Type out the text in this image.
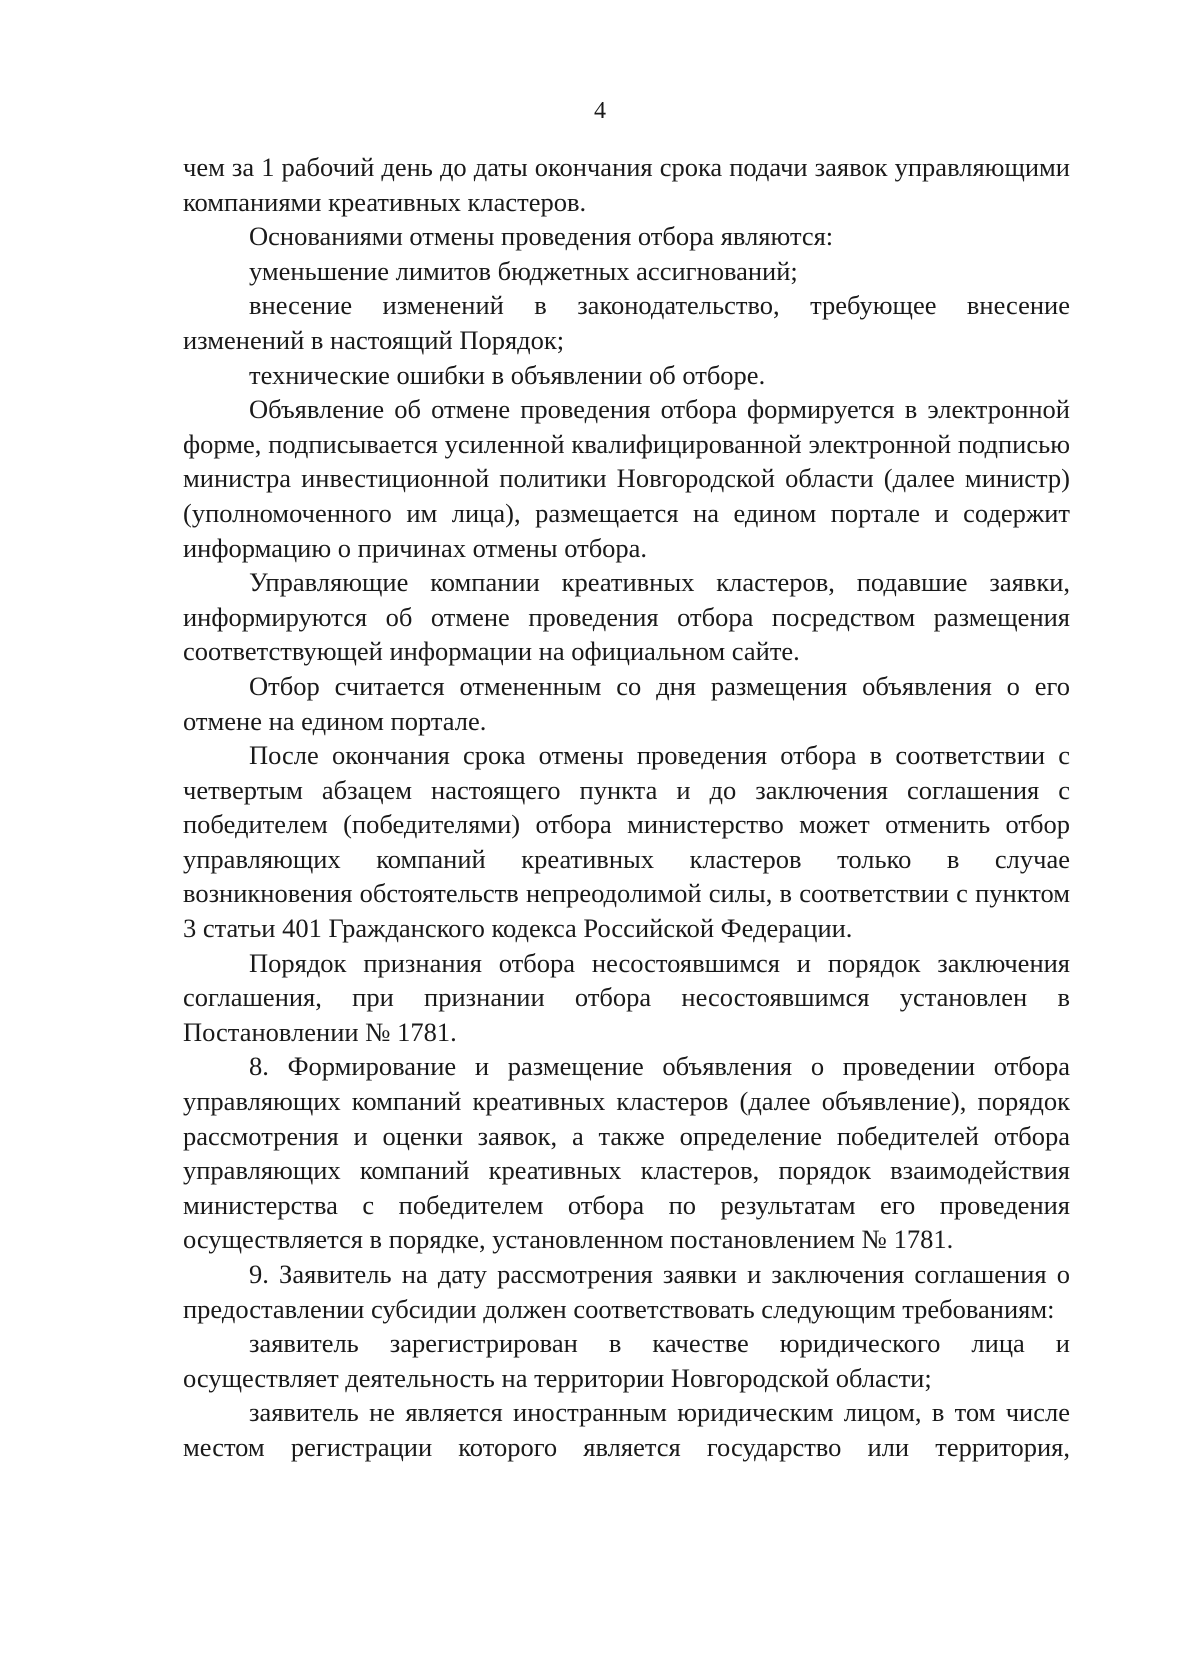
4

чем за 1 рабочий день до даты окончания срока подачи заявок управляющими компаниями креативных кластеров.

Основаниями отмены проведения отбора являются:

уменьшение лимитов бюджетных ассигнований;

внесение изменений в законодательство, требующее внесение изменений в настоящий Порядок;

технические ошибки в объявлении об отборе.

Объявление об отмене проведения отбора формируется в электронной форме, подписывается усиленной квалифицированной электронной подписью министра инвестиционной политики Новгородской области (далее министр) (уполномоченного им лица), размещается на едином портале и содержит информацию о причинах отмены отбора.

Управляющие компании креативных кластеров, подавшие заявки, информируются об отмене проведения отбора посредством размещения соответствующей информации на официальном сайте.

Отбор считается отмененным со дня размещения объявления о его отмене на едином портале.

После окончания срока отмены проведения отбора в соответствии с четвертым абзацем настоящего пункта и до заключения соглашения с победителем (победителями) отбора министерство может отменить отбор управляющих компаний креативных кластеров только в случае возникновения обстоятельств непреодолимой силы, в соответствии с пунктом 3 статьи 401 Гражданского кодекса Российской Федерации.

Порядок признания отбора несостоявшимся и порядок заключения соглашения, при признании отбора несостоявшимся установлен в Постановлении № 1781.

8. Формирование и размещение объявления о проведении отбора управляющих компаний креативных кластеров (далее объявление), порядок рассмотрения и оценки заявок, а также определение победителей отбора управляющих компаний креативных кластеров, порядок взаимодействия министерства с победителем отбора по результатам его проведения осуществляется в порядке, установленном постановлением № 1781.

9. Заявитель на дату рассмотрения заявки и заключения соглашения о предоставлении субсидии должен соответствовать следующим требованиям:

заявитель зарегистрирован в качестве юридического лица и осуществляет деятельность на территории Новгородской области;

заявитель не является иностранным юридическим лицом, в том числе местом регистрации которого является государство или территория,
